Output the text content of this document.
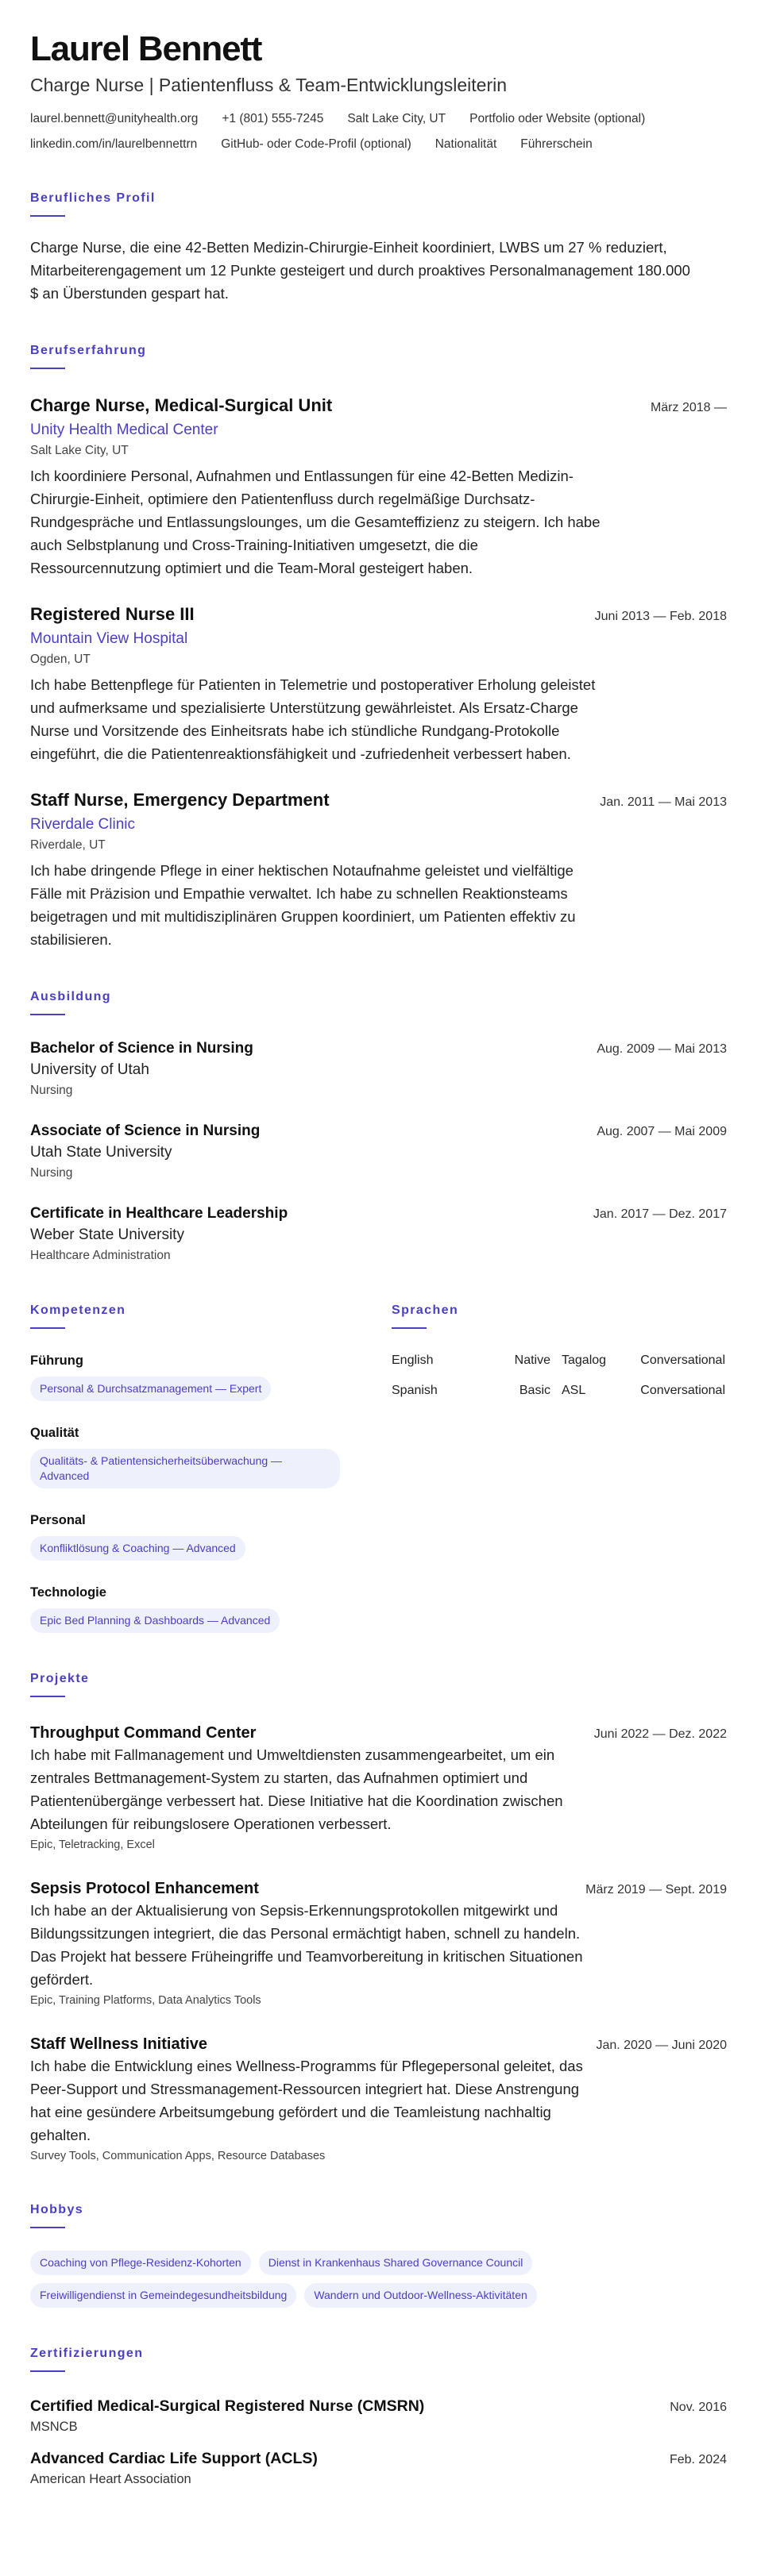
Laurel Bennett
Charge Nurse | Patientenfluss & Team-Entwicklungsleiterin
laurel.bennett@unityhealth.org +1 (801) 555-7245 Salt Lake City, UT Portfolio oder Website (optional)
linkedin.com/in/laurelbennettrn GitHub- oder Code-Profil (optional) Nationalität Führerschein
Berufliches Profil
Charge Nurse, die eine 42-Betten Medizin-Chirurgie-Einheit koordiniert, LWBS um 27 % reduziert, Mitarbeiterengagement um 12 Punkte gesteigert und durch proaktives Personalmanagement 180.000 $ an Überstunden gespart hat.
Berufserfahrung
Charge Nurse, Medical-Surgical Unit	März 2018 —
Unity Health Medical Center
Salt Lake City, UT
Ich koordiniere Personal, Aufnahmen und Entlassungen für eine 42-Betten Medizin-Chirurgie-Einheit, optimiere den Patientenfluss durch regelmäßige Durchsatz-Rundgespräche und Entlassungslounges, um die Gesamteffizienz zu steigern. Ich habe auch Selbstplanung und Cross-Training-Initiativen umgesetzt, die die Ressourcennutzung optimiert und die Team-Moral gesteigert haben.
Registered Nurse III	Juni 2013 — Feb. 2018
Mountain View Hospital
Ogden, UT
Ich habe Bettenpflege für Patienten in Telemetrie und postoperativer Erholung geleistet und aufmerksame und spezialisierte Unterstützung gewährleistet. Als Ersatz-Charge Nurse und Vorsitzende des Einheitsrats habe ich stündliche Rundgang-Protokolle eingeführt, die die Patientenreaktionsfähigkeit und -zufriedenheit verbessert haben.
Staff Nurse, Emergency Department	Jan. 2011 — Mai 2013
Riverdale Clinic
Riverdale, UT
Ich habe dringende Pflege in einer hektischen Notaufnahme geleistet und vielfältige Fälle mit Präzision und Empathie verwaltet. Ich habe zu schnellen Reaktionsteams beigetragen und mit multidisziplinären Gruppen koordiniert, um Patienten effektiv zu stabilisieren.
Ausbildung
Bachelor of Science in Nursing	Aug. 2009 — Mai 2013
University of Utah
Nursing
Associate of Science in Nursing	Aug. 2007 — Mai 2009
Utah State University
Nursing
Certificate in Healthcare Leadership	Jan. 2017 — Dez. 2017
Weber State University
Healthcare Administration
Kompetenzen
Führung
Personal & Durchsatzmanagement — Expert
Qualität
Qualitäts- & Patientensicherheitsüberwachung — Advanced
Personal
Konfliktlösung & Coaching — Advanced
Technologie
Epic Bed Planning & Dashboards — Advanced
Sprachen
English	Native Tagalog	Conversational
Spanish	Basic ASL	Conversational
Projekte
Throughput Command Center	Juni 2022 — Dez. 2022
Ich habe mit Fallmanagement und Umweltdiensten zusammengearbeitet, um ein zentrales Bettmanagement-System zu starten, das Aufnahmen optimiert und Patientenübergänge verbessert hat. Diese Initiative hat die Koordination zwischen Abteilungen für reibungslosere Operationen verbessert.
Epic, Teletracking, Excel
Sepsis Protocol Enhancement	März 2019 — Sept. 2019
Ich habe an der Aktualisierung von Sepsis-Erkennungsprotokollen mitgewirkt und Bildungssitzungen integriert, die das Personal ermächtigt haben, schnell zu handeln. Das Projekt hat bessere Früheingriffe und Teamvorbereitung in kritischen Situationen gefördert.
Epic, Training Platforms, Data Analytics Tools
Staff Wellness Initiative	Jan. 2020 — Juni 2020
Ich habe die Entwicklung eines Wellness-Programms für Pflegepersonal geleitet, das Peer-Support und Stressmanagement-Ressourcen integriert hat. Diese Anstrengung hat eine gesündere Arbeitsumgebung gefördert und die Teamleistung nachhaltig gehalten.
Survey Tools, Communication Apps, Resource Databases
Hobbys
Coaching von Pflege-Residenz-Kohorten Dienst in Krankenhaus Shared Governance Council
Freiwilligendienst in Gemeindegesundheitsbildung Wandern und Outdoor-Wellness-Aktivitäten
Zertifizierungen
Certified Medical-Surgical Registered Nurse (CMSRN)	Nov. 2016
MSNCB
Advanced Cardiac Life Support (ACLS)	Feb. 2024
American Heart Association
